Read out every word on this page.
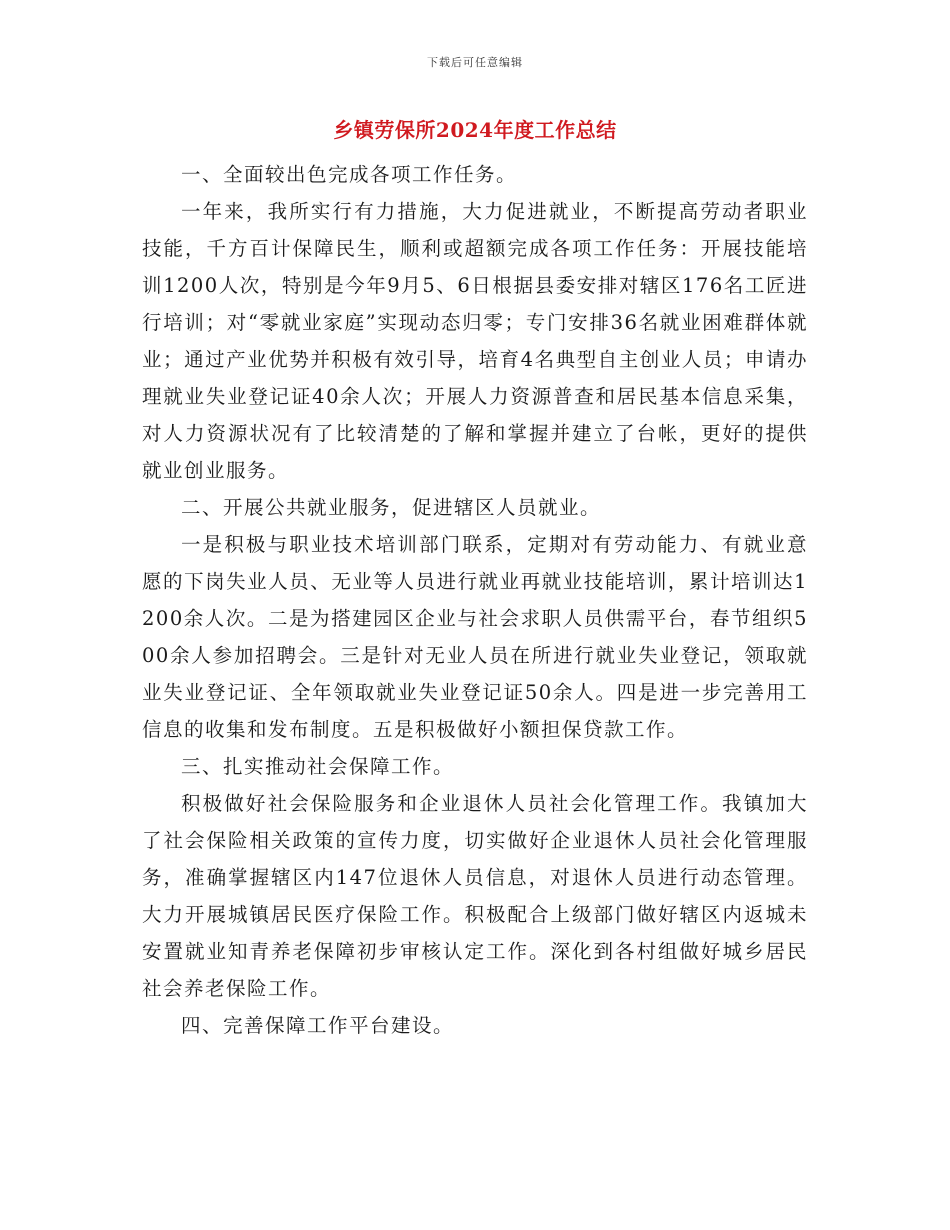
下载后可任意编辑
乡镇劳保所2024年度工作总结

一、全面较出色完成各项工作任务。

一年来，我所实行有力措施，大力促进就业，不断提高劳动者职业技能，千方百计保障民生，顺利或超额完成各项工作任务：开展技能培训1200人次，特别是今年9月5、6日根据县委安排对辖区176名工匠进行培训；对“零就业家庭”实现动态归零；专门安排36名就业困难群体就业；通过产业优势并积极有效引导，培育4名典型自主创业人员；申请办理就业失业登记证40余人次；开展人力资源普查和居民基本信息采集，对人力资源状况有了比较清楚的了解和掌握并建立了台帐，更好的提供就业创业服务。

二、开展公共就业服务，促进辖区人员就业。

一是积极与职业技术培训部门联系，定期对有劳动能力、有就业意愿的下岗失业人员、无业等人员进行就业再就业技能培训，累计培训达1200余人次。二是为搭建园区企业与社会求职人员供需平台，春节组织500余人参加招聘会。三是针对无业人员在所进行就业失业登记，领取就业失业登记证、全年领取就业失业登记证50余人。四是进一步完善用工信息的收集和发布制度。五是积极做好小额担保贷款工作。

三、扎实推动社会保障工作。

积极做好社会保险服务和企业退休人员社会化管理工作。我镇加大了社会保险相关政策的宣传力度，切实做好企业退休人员社会化管理服务，准确掌握辖区内147位退休人员信息，对退休人员进行动态管理。大力开展城镇居民医疗保险工作。积极配合上级部门做好辖区内返城未安置就业知青养老保障初步审核认定工作。深化到各村组做好城乡居民社会养老保险工作。

四、完善保障工作平台建设。
